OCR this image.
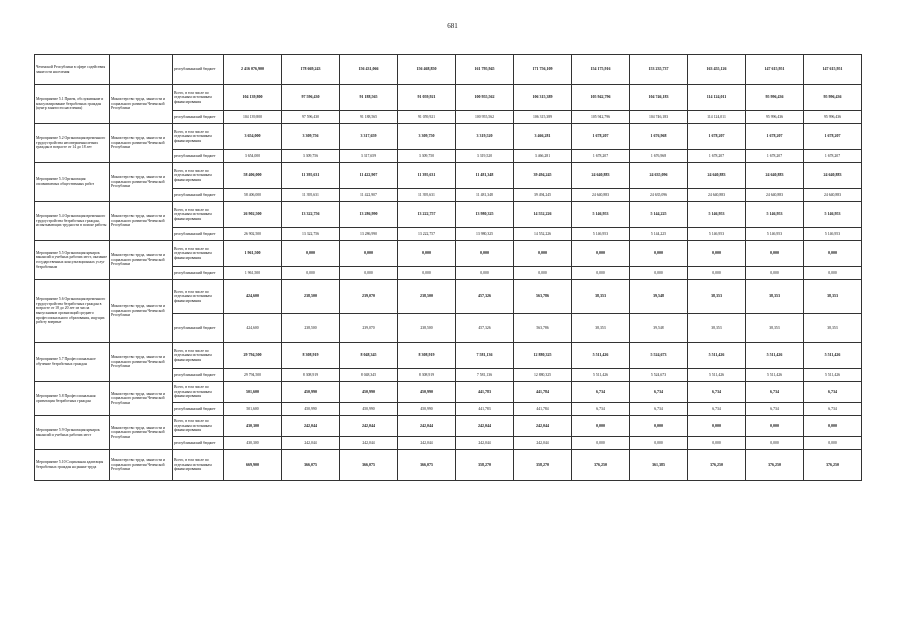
681
Чеченской Республики в сфере содействия занятости населения		республиканский бюджет	2 416 076,900	178 669,243	156 431,066	156 468,850	161 795,945	171 756,109	154 175,916	153 235,737	163 455,126	147 615,951	147 615,951
Мероприятие 5.1 Прием, обслуживание и консультирование безработных граждан (центр занятости населения)	Министерство труда, занятости и социального развития Чеченской Республики	Всего, в том числе по отдельным источникам финансирования	104 139,800	97 596,430	91 188,565	91 059,921	100 955,562	106 315,389	105 942,796	104 746,183	114 124,011	95 996,436	95 996,436
		республиканский бюджет	104 139,800	97 596,430	91 188,565	91 059,921	100 955,562	106 315,389	105 942,796	104 746,183	114 124,011	95 996,436	95 996,436
Мероприятие 5.2 Организация временного трудоустройства несовершеннолетних граждан в возрасте от 14 до 18 лет	Министерство труда, занятости и социального развития Чеченской Республики	Всего, в том числе по отдельным источникам финансирования	3 654,000	3 309,756	3 317,659	3 309,750	3 319,520	3 466,281	1 678,207	1 676,968	1 678,207	1 678,207	1 678,207
		республиканский бюджет	3 654,000	3 309,756	3 317,659	3 309,750	3 319,520	3 466,281	1 678,207	1 676,968	1 678,207	1 678,207	1 678,207
Мероприятие 5.3 Организация оплачиваемых общественных работ	Министерство труда, занятости и социального развития Чеченской Республики	Всего, в том числе по отдельным источникам финансирования	58 406,000	11 395,631	11 422,907	11 395,631	11 481,348	39 494,245	24 640,883	24 635,096	24 640,883	24 640,883	24 640,883
		республиканский бюджет	58 406,000	11 395,631	11 422,907	11 395,631	11 481,348	39 494,245	24 640,883	24 635,096	24 640,883	24 640,883	24 640,883
Мероприятие 5.4 Организация временного трудоустройства безработных граждан, испытывающих трудности в поиске работы	Министерство труда, занятости и социального развития Чеченской Республики	Всего, в том числе по отдельным источникам финансирования	26 902,500	13 322,756	13 286,990	13 222,757	13 980,325	14 552,226	5 146,953	5 144,225	5 146,953	5 146,953	5 146,953
		республиканский бюджет	26 902,500	13 322,756	13 286,990	13 222,757	13 980,325	14 552,226	5 146,953	5 144,225	5 146,953	5 146,953	5 146,953
Мероприятие 5.5 Организация ярмарок вакансий и учебных рабочих мест, оказание государственных консультационных услуг безработным	Министерство труда, занятости и социального развития Чеченской Республики	Всего, в том числе по отдельным источникам финансирования	1 961,500	0,000	0,000	0,000	0,000	0,000	0,000	0,000	0,000	0,000	0,000
		республиканский бюджет	1 961,500	0,000	0,000	0,000	0,000	0,000	0,000	0,000	0,000	0,000	0,000
Мероприятие 5.6 Организация временного трудоустройства безработных граждан в возрасте от 18 до 20 лет из числа выпускников организаций среднего профессионального образования, ищущих работу впервые	Министерство труда, занятости и социального развития Чеченской Республики	Всего, в том числе по отдельным источникам финансирования	424,600	238,500	239,070	238,500	457,326	563,786	38,353	39,548	38,353	38,353	38,353
		республиканский бюджет	424,600	238,500	239,070	238,500	457,326	563,786	38,353	39,548	38,353	38,353	38,353
Мероприятие 5.7 Профессиональное обучение безработных граждан	Министерство труда, занятости и социального развития Чеченской Республики	Всего, в том числе по отдельным источникам финансирования	29 794,500	8 308,919	8 048,345	8 308,919	7 581,136	12 880,325	5 511,426	5 524,673	5 511,426	5 511,426	5 511,426
		республиканский бюджет	29 794,500	8 308,919	8 048,345	8 308,919	7 581,136	12 880,325	5 511,426	5 524,673	5 511,426	5 511,426	5 511,426
Мероприятие 5.8 Профессиональная ориентация безработных граждан	Министерство труда, занятости и социального развития Чеченской Республики	Всего, в том числе по отдельным источникам финансирования	501,600	450,990	450,990	450,990	441,783	441,784	6,734	6,734	6,734	6,734	6,734
		республиканский бюджет	501,600	450,990	450,990	450,990	441,783	441,784	6,734	6,734	6,734	6,734	6,734
Мероприятие 5.9 Организация ярмарок вакансий и учебных рабочих мест	Министерство труда, занятости и социального развития Чеченской Республики	Всего, в том числе по отдельным источникам финансирования	430,300	242,044	242,044	242,044	242,044	242,044	0,000	0,000	0,000	0,000	0,000
		республиканский бюджет	430,300	242,044	242,044	242,044	242,044	242,044	0,000	0,000	0,000	0,000	0,000
Мероприятие 5.10 Социальная адаптация безработных граждан на рынке труда	Министерство труда, занятости и социального развития Чеченской Республики	Всего, в том числе по отдельным источникам финансирования	669,900	366,075	366,075	366,075	358,270	358,270	376,250	361,385	376,250	376,250	376,250
